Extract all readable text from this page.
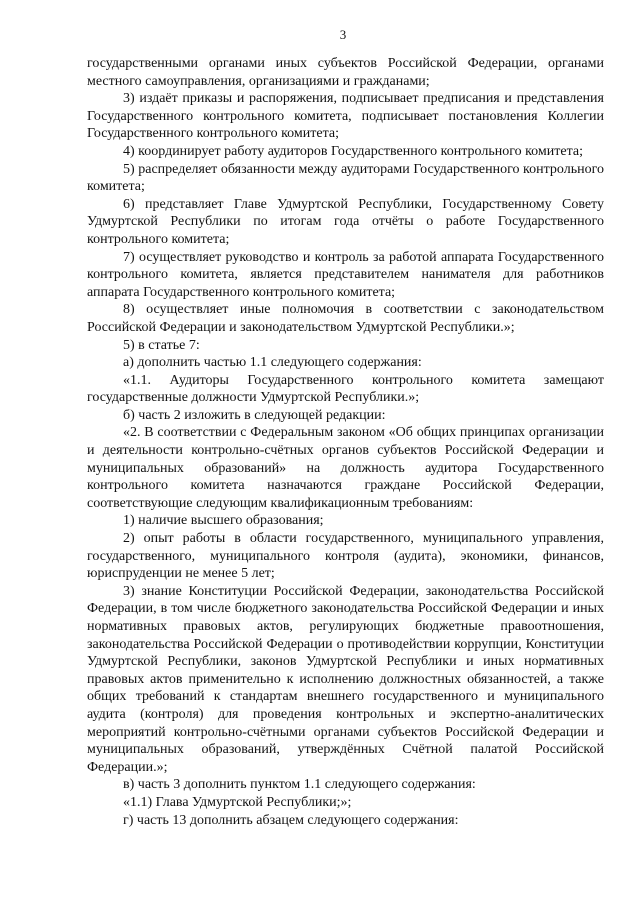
3

государственными органами иных субъектов Российской Федерации, органами местного самоуправления, организациями и гражданами;

3) издаёт приказы и распоряжения, подписывает предписания и представления Государственного контрольного комитета, подписывает постановления Коллегии Государственного контрольного комитета;

4) координирует работу аудиторов Государственного контрольного комитета;

5) распределяет обязанности между аудиторами Государственного контрольного комитета;

6) представляет Главе Удмуртской Республики, Государственному Совету Удмуртской Республики по итогам года отчёты о работе Государственного контрольного комитета;

7) осуществляет руководство и контроль за работой аппарата Государственного контрольного комитета, является представителем нанимателя для работников аппарата Государственного контрольного комитета;

8) осуществляет иные полномочия в соответствии с законодательством Российской Федерации и законодательством Удмуртской Республики.»;

5) в статье 7:

а) дополнить частью 1.1 следующего содержания:

«1.1. Аудиторы Государственного контрольного комитета замещают государственные должности Удмуртской Республики.»;

б) часть 2 изложить в следующей редакции:

«2. В соответствии с Федеральным законом «Об общих принципах организации и деятельности контрольно-счётных органов субъектов Российской Федерации и муниципальных образований» на должность аудитора Государственного контрольного комитета назначаются граждане Российской Федерации, соответствующие следующим квалификационным требованиям:

1) наличие высшего образования;

2) опыт работы в области государственного, муниципального управления, государственного, муниципального контроля (аудита), экономики, финансов, юриспруденции не менее 5 лет;

3) знание Конституции Российской Федерации, законодательства Российской Федерации, в том числе бюджетного законодательства Российской Федерации и иных нормативных правовых актов, регулирующих бюджетные правоотношения, законодательства Российской Федерации о противодействии коррупции, Конституции Удмуртской Республики, законов Удмуртской Республики и иных нормативных правовых актов применительно к исполнению должностных обязанностей, а также общих требований к стандартам внешнего государственного и муниципального аудита (контроля) для проведения контрольных и экспертно-аналитических мероприятий контрольно-счётными органами субъектов Российской Федерации и муниципальных образований, утверждённых Счётной палатой Российской Федерации.»;

в) часть 3 дополнить пунктом 1.1 следующего содержания:

«1.1) Глава Удмуртской Республики;»;

г) часть 13 дополнить абзацем следующего содержания:
